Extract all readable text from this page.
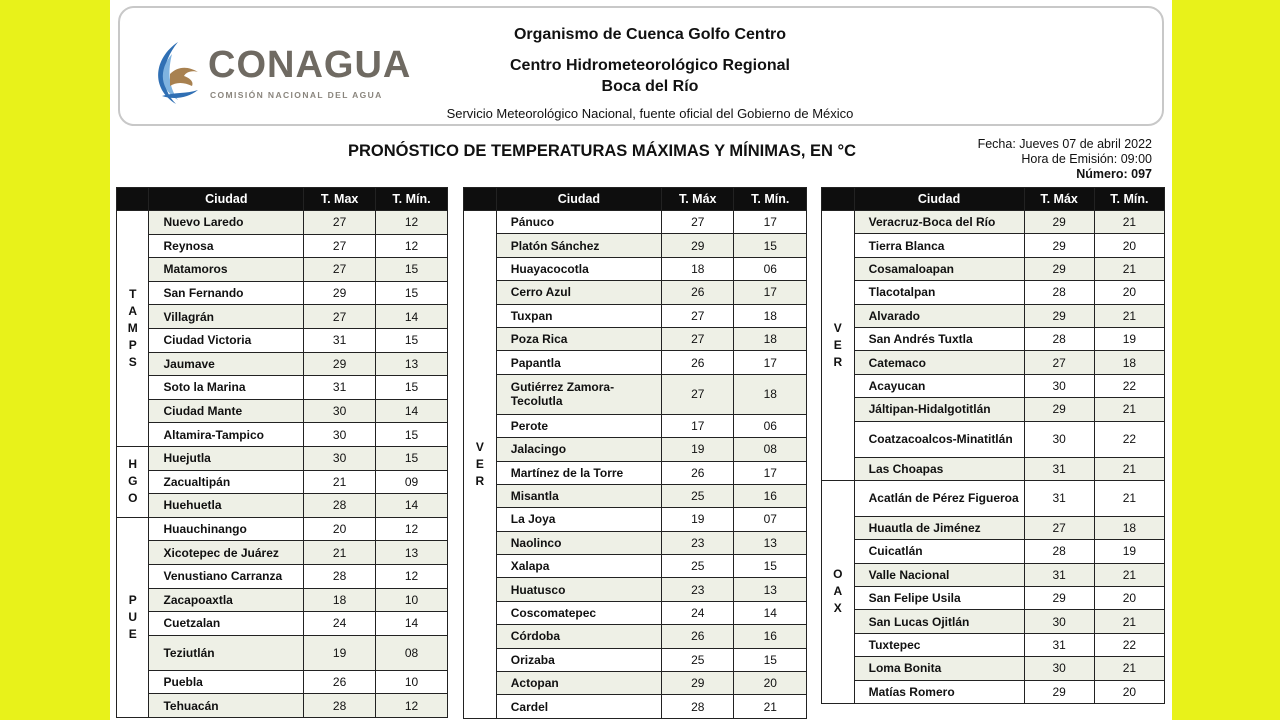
CONAGUA
COMISIÓN NACIONAL DEL AGUA
Organismo de Cuenca Golfo Centro
Centro Hidrometeorológico Regional
Boca del Río
Servicio Meteorológico Nacional, fuente oficial del Gobierno de México
PRONÓSTICO DE TEMPERATURAS MÁXIMAS Y MÍNIMAS, EN °C	Fecha: Jueves 07 de abril 2022
Hora de Emisión: 09:00
Número: 097
	Ciudad	T. Max	T. Mín.

T
A
M
P
S	Nuevo Laredo	27	12
	Reynosa	27	12
	Matamoros	27	15
	San Fernando	29	15
	Villagrán	27	14
	Ciudad Victoria	31	15
	Jaumave	29	13
	Soto la Marina	31	15
	Ciudad Mante	30	14
	Altamira-Tampico	30	15

H
G
O	Huejutla	30	15
	Zacualtipán	21	09
	Huehuetla	28	14

P
U
E	Huauchinango	20	12
	Xicotepec de Juárez	21	13
	Venustiano Carranza	28	12
	Zacapoaxtla	18	10
	Cuetzalan	24	14
	Teziutlán	19	08
	Puebla	26	10
	Tehuacán	28	12
	Ciudad	T. Máx	T. Mín.

V
E
R	Pánuco	27	17
	Platón Sánchez	29	15
	Huayacocotla	18	06
	Cerro Azul	26	17
	Tuxpan	27	18
	Poza Rica	27	18
	Papantla	26	17
	Gutiérrez Zamora-Tecolutla	27	18
	Perote	17	06
	Jalacingo	19	08
	Martínez de la Torre	26	17
	Misantla	25	16
	La Joya	19	07
	Naolinco	23	13
	Xalapa	25	15
	Huatusco	23	13
	Coscomatepec	24	14
	Córdoba	26	16
	Orizaba	25	15
	Actopan	29	20
	Cardel	28	21
	Ciudad	T. Máx	T. Mín.

V
E
R	Veracruz-Boca del Río	29	21
	Tierra Blanca	29	20
	Cosamaloapan	29	21
	Tlacotalpan	28	20
	Alvarado	29	21
	San Andrés Tuxtla	28	19
	Catemaco	27	18
	Acayucan	30	22
	Jáltipan-Hidalgotitlán	29	21
	Coatzacoalcos-Minatitlán	30	22
	Las Choapas	31	21

O
A
X	Acatlán de Pérez Figueroa	31	21
	Huautla de Jiménez	27	18
	Cuicatlán	28	19
	Valle Nacional	31	21
	San Felipe Usila	29	20
	San Lucas Ojitlán	30	21
	Tuxtepec	31	22
	Loma Bonita	30	21
	Matías Romero	29	20
